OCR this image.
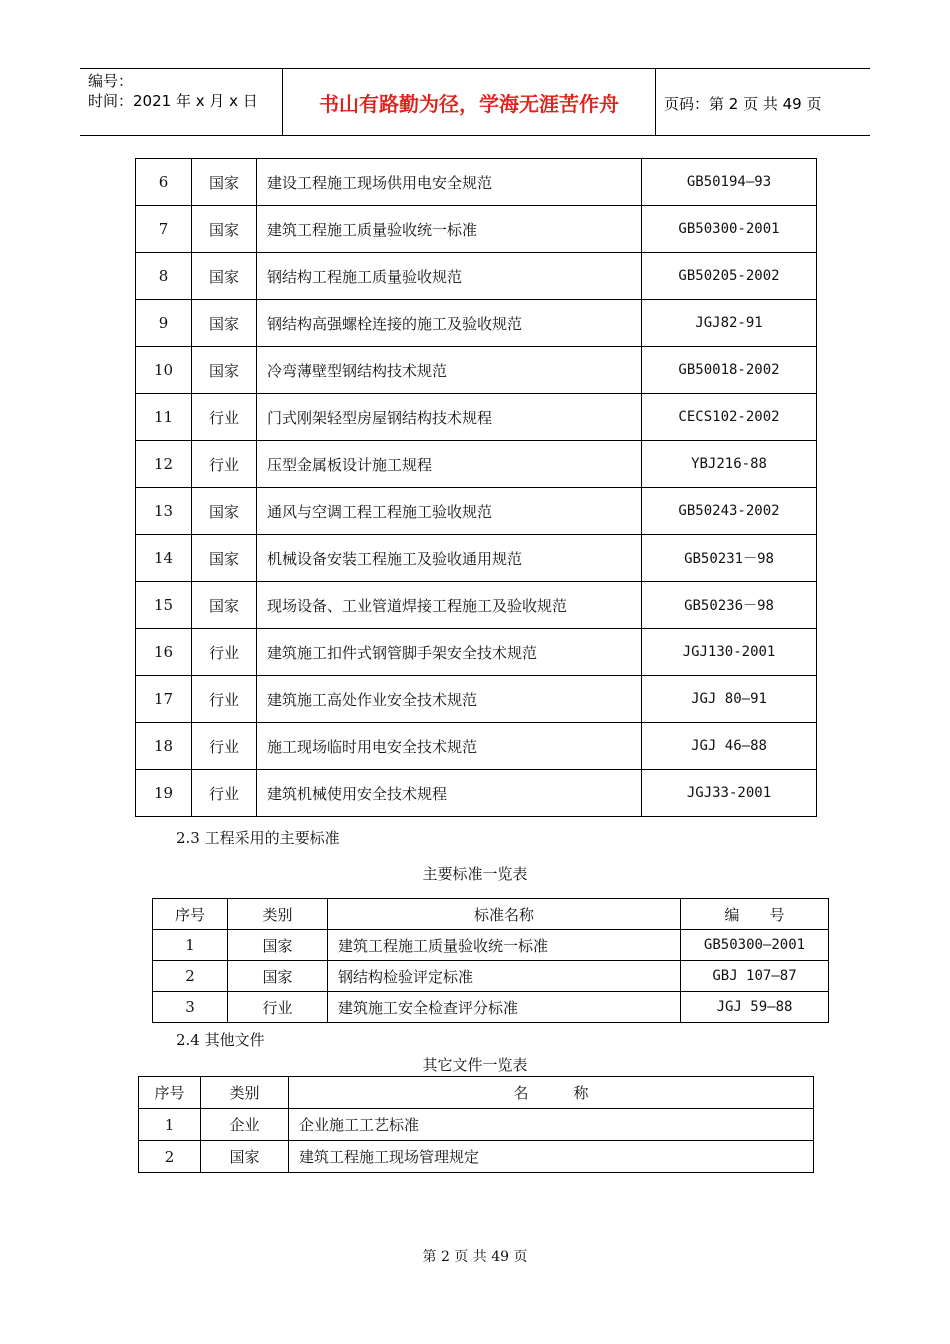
编号：
时间：2021 年 x 月 x 日	书山有路勤为径，学海无涯苦作舟	页码：第 2 页 共 49 页
6	国家	建设工程施工现场供用电安全规范	GB50194—93
7	国家	建筑工程施工质量验收统一标准	GB50300-2001
8	国家	钢结构工程施工质量验收规范	GB50205-2002
9	国家	钢结构高强螺栓连接的施工及验收规范	JGJ82-91
10	国家	冷弯薄壁型钢结构技术规范	GB50018-2002
11	行业	门式刚架轻型房屋钢结构技术规程	CECS102-2002
12	行业	压型金属板设计施工规程	YBJ216-88
13	国家	通风与空调工程工程施工验收规范	GB50243-2002
14	国家	机械设备安装工程施工及验收通用规范	GB50231－98
15	国家	现场设备、工业管道焊接工程施工及验收规范	GB50236－98
16	行业	建筑施工扣件式钢管脚手架安全技术规范	JGJ130-2001
17	行业	建筑施工高处作业安全技术规范	JGJ 80—91
18	行业	施工现场临时用电安全技术规范	JGJ 46—88
19	行业	建筑机械使用安全技术规程	JGJ33-2001
2.3 工程采用的主要标准
主要标准一览表
序号	类别	标准名称	编　　号
1	国家	建筑工程施工质量验收统一标准	GB50300—2001
2	国家	钢结构检验评定标准	GBJ 107—87
3	行业	建筑施工安全检查评分标准	JGJ 59—88
2.4 其他文件
其它文件一览表
序号	类别	名　　　称
1	企业	企业施工工艺标准
2	国家	建筑工程施工现场管理规定
第 2 页 共 49 页
